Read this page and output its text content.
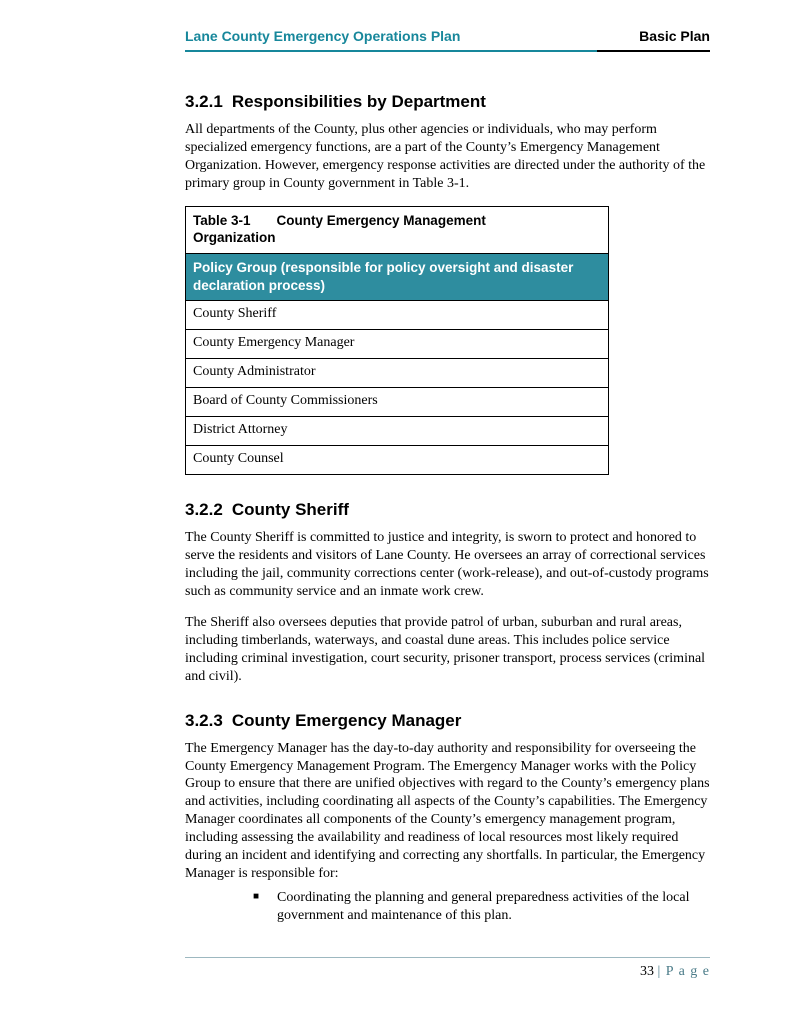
Lane County Emergency Operations Plan	Basic Plan
3.2.1 Responsibilities by Department

All departments of the County, plus other agencies or individuals, who may perform specialized emergency functions, are a part of the County’s Emergency Management Organization. However, emergency response activities are directed under the authority of the primary group in County government in Table 3-1.

Table 3-1 County Emergency Management Organization
Policy Group (responsible for policy oversight and disaster declaration process)
County Sheriff
County Emergency Manager
County Administrator
Board of County Commissioners
District Attorney
County Counsel
3.2.2 County Sheriff

The County Sheriff is committed to justice and integrity, is sworn to protect and honored to serve the residents and visitors of Lane County. He oversees an array of correctional services including the jail, community corrections center (work-release), and out-of-custody programs such as community service and an inmate work crew.

The Sheriff also oversees deputies that provide patrol of urban, suburban and rural areas, including timberlands, waterways, and coastal dune areas. This includes police service including criminal investigation, court security, prisoner transport, process services (criminal and civil).

3.2.3 County Emergency Manager

The Emergency Manager has the day-to-day authority and responsibility for overseeing the County Emergency Management Program. The Emergency Manager works with the Policy Group to ensure that there are unified objectives with regard to the County’s emergency plans and activities, including coordinating all aspects of the County’s capabilities. The Emergency Manager coordinates all components of the County’s emergency management program, including assessing the availability and readiness of local resources most likely required during an incident and identifying and correcting any shortfalls. In particular, the Emergency Manager is responsible for:

■	Coordinating the planning and general preparedness activities of the local government and maintenance of this plan.
33 | P a g e
